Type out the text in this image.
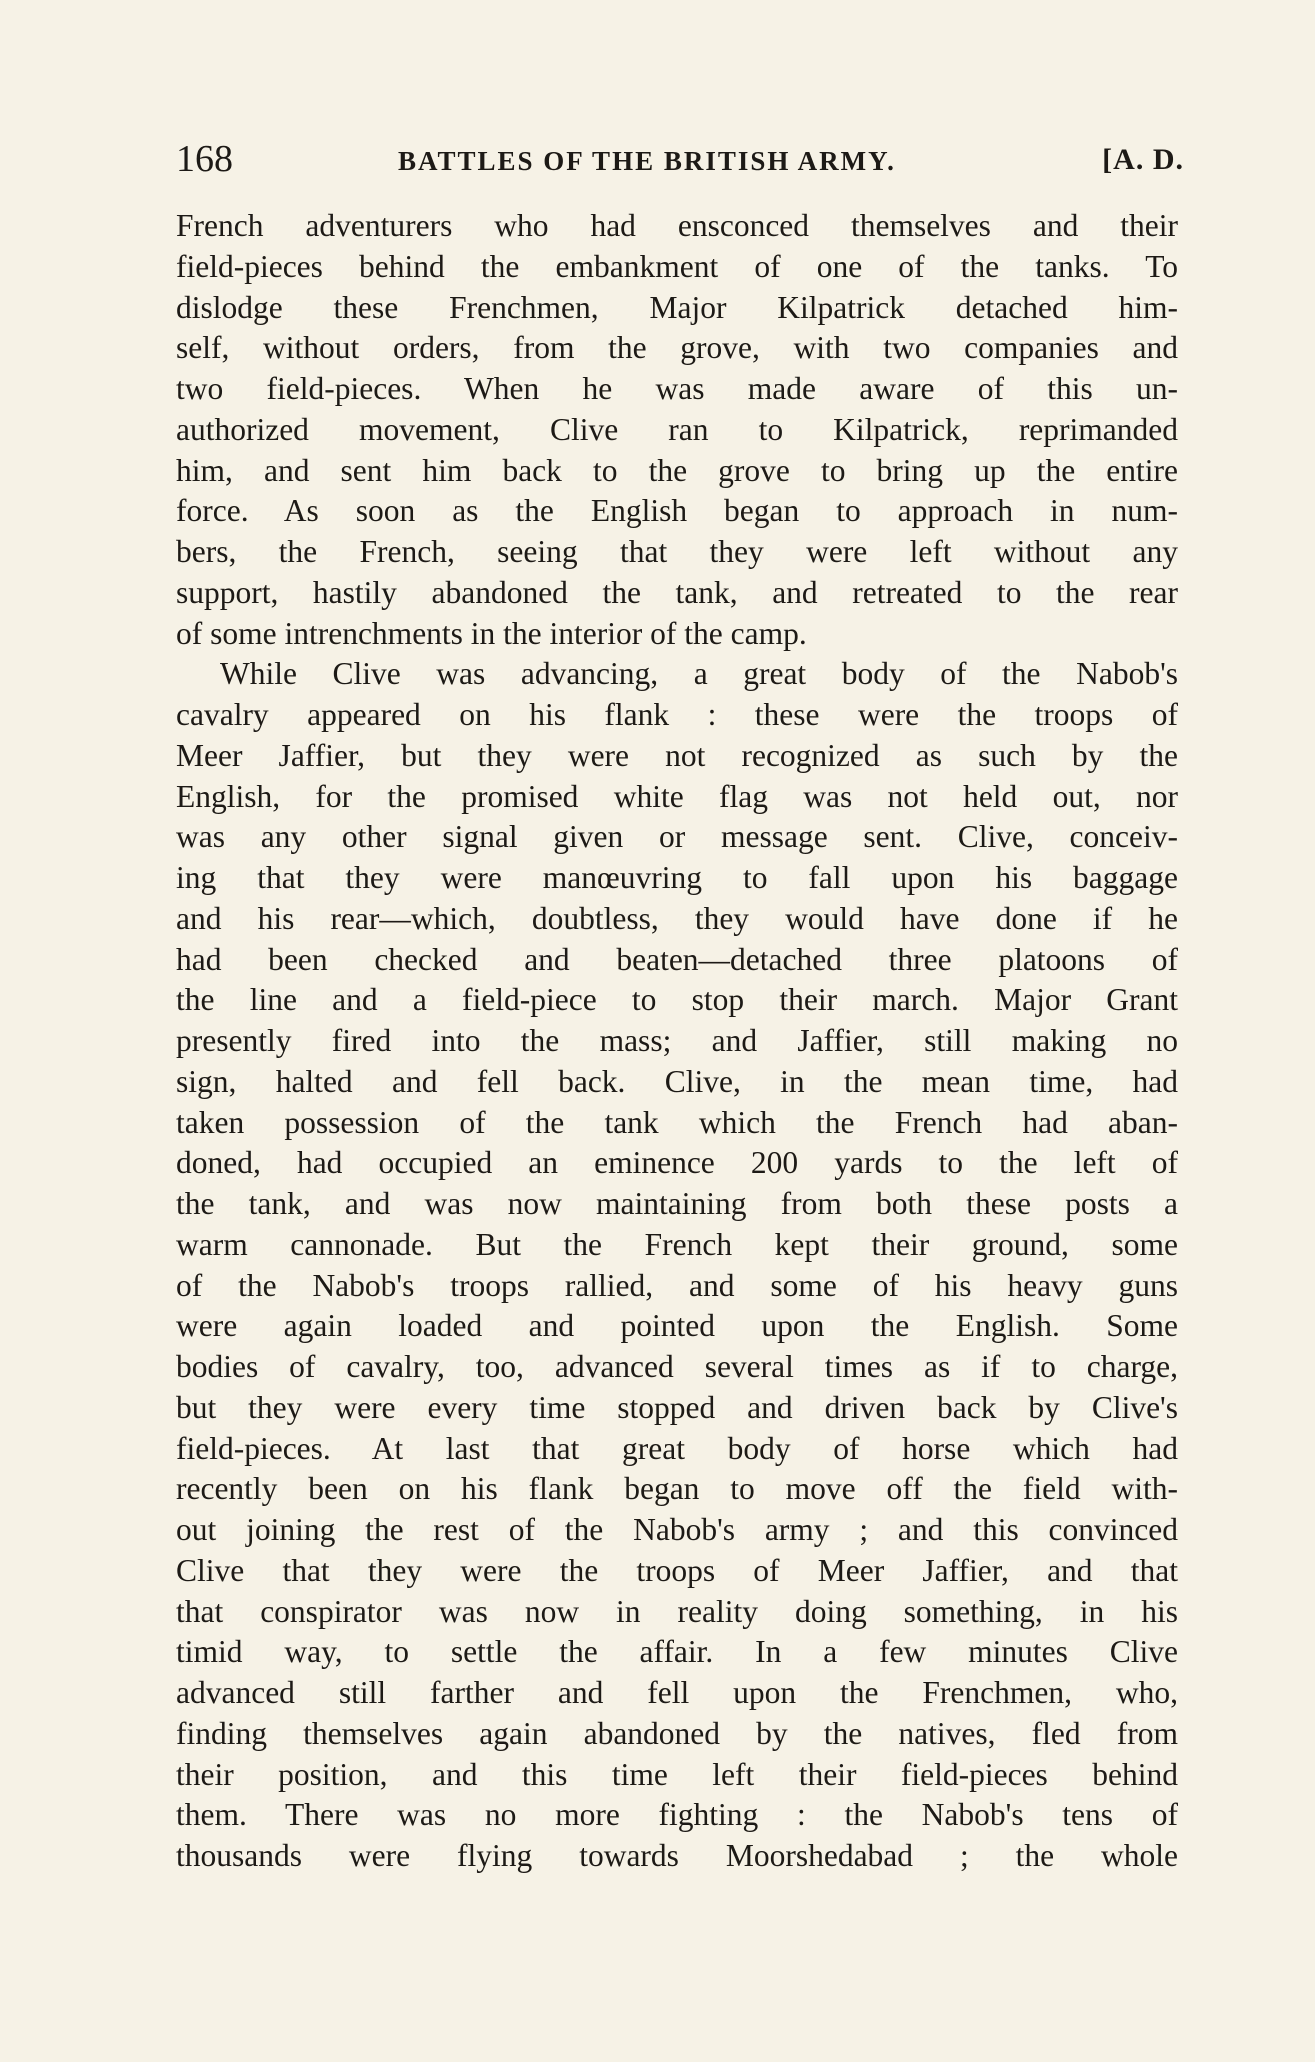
168	BATTLES OF THE BRITISH ARMY.	[A. D.
French adventurers who had ensconced themselves and their
field-pieces behind the embankment of one of the tanks. To
dislodge these Frenchmen, Major Kilpatrick detached him-
self, without orders, from the grove, with two companies and
two field-pieces. When he was made aware of this un-
authorized movement, Clive ran to Kilpatrick, reprimanded
him, and sent him back to the grove to bring up the entire
force. As soon as the English began to approach in num-
bers, the French, seeing that they were left without any
support, hastily abandoned the tank, and retreated to the rear
of some intrenchments in the interior of the camp.
While Clive was advancing, a great body of the Nabob's
cavalry appeared on his flank : these were the troops of
Meer Jaffier, but they were not recognized as such by the
English, for the promised white flag was not held out, nor
was any other signal given or message sent. Clive, conceiv-
ing that they were manœuvring to fall upon his baggage
and his rear—which, doubtless, they would have done if he
had been checked and beaten—detached three platoons of
the line and a field-piece to stop their march. Major Grant
presently fired into the mass; and Jaffier, still making no
sign, halted and fell back. Clive, in the mean time, had
taken possession of the tank which the French had aban-
doned, had occupied an eminence 200 yards to the left of
the tank, and was now maintaining from both these posts a
warm cannonade. But the French kept their ground, some
of the Nabob's troops rallied, and some of his heavy guns
were again loaded and pointed upon the English. Some
bodies of cavalry, too, advanced several times as if to charge,
but they were every time stopped and driven back by Clive's
field-pieces. At last that great body of horse which had
recently been on his flank began to move off the field with-
out joining the rest of the Nabob's army ; and this convinced
Clive that they were the troops of Meer Jaffier, and that
that conspirator was now in reality doing something, in his
timid way, to settle the affair. In a few minutes Clive
advanced still farther and fell upon the Frenchmen, who,
finding themselves again abandoned by the natives, fled from
their position, and this time left their field-pieces behind
them. There was no more fighting : the Nabob's tens of
thousands were flying towards Moorshedabad ; the whole
